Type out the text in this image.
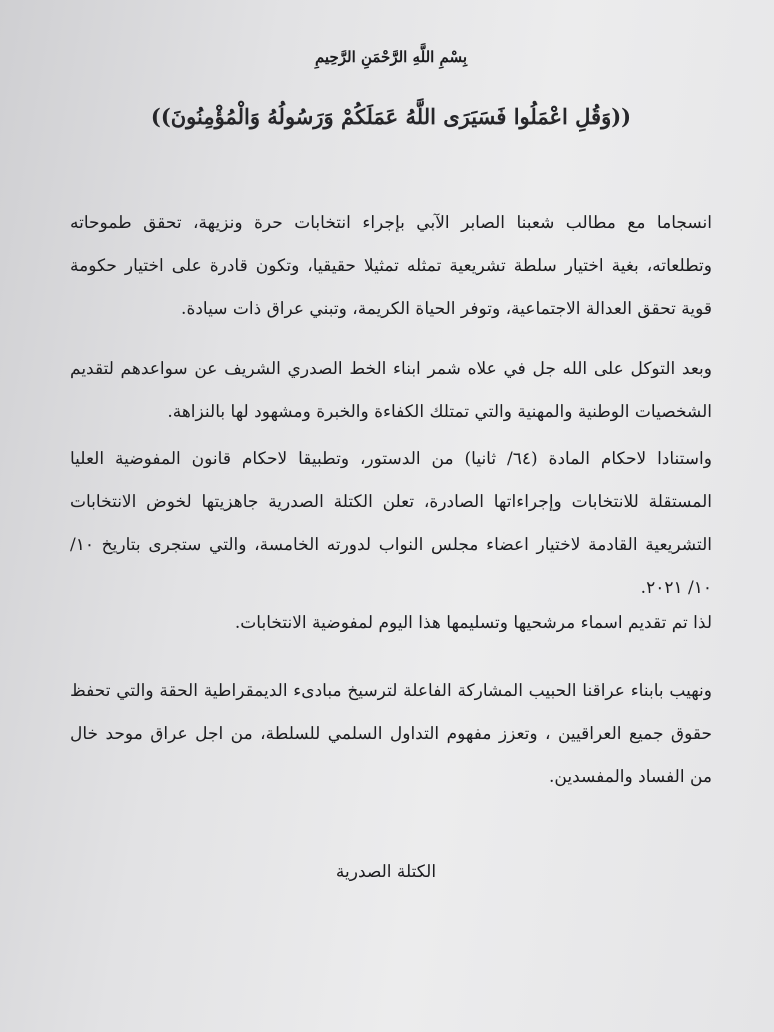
بِسْمِ اللَّهِ الرَّحْمَنِ الرَّحِيمِ
((وَقُلِ اعْمَلُوا فَسَيَرَى اللَّهُ عَمَلَكُمْ وَرَسُولُهُ وَالْمُؤْمِنُونَ))

انسجاما مع مطالب شعبنا الصابر الآبي بإجراء انتخابات حرة ونزيهة، تحقق طموحاته وتطلعاته، بغية اختيار سلطة تشريعية تمثله تمثيلا حقيقيا، وتكون قادرة على اختيار حكومة قوية تحقق العدالة الاجتماعية، وتوفر الحياة الكريمة، وتبني عراق ذات سيادة.

وبعد التوكل على الله جل في علاه شمر ابناء الخط الصدري الشريف عن سواعدهم لتقديم الشخصيات الوطنية والمهنية والتي تمتلك الكفاءة والخبرة ومشهود لها بالنزاهة.

واستنادا لاحكام المادة (٦٤/ ثانيا) من الدستور، وتطبيقا لاحكام قانون المفوضية العليا المستقلة للانتخابات وإجراءاتها الصادرة، تعلن الكتلة الصدرية جاهزيتها لخوض الانتخابات التشريعية القادمة لاختيار اعضاء مجلس النواب لدورته الخامسة، والتي ستجرى بتاريخ ١٠/ ١٠/ ٢٠٢١.

لذا تم تقديم اسماء مرشحيها وتسليمها هذا اليوم لمفوضية الانتخابات.

ونهيب بابناء عراقنا الحبيب المشاركة الفاعلة لترسيخ مبادىء الديمقراطية الحقة والتي تحفظ حقوق جميع العراقيين ، وتعزز مفهوم التداول السلمي للسلطة، من اجل عراق موحد خال من الفساد والمفسدين.

الكتلة الصدرية
